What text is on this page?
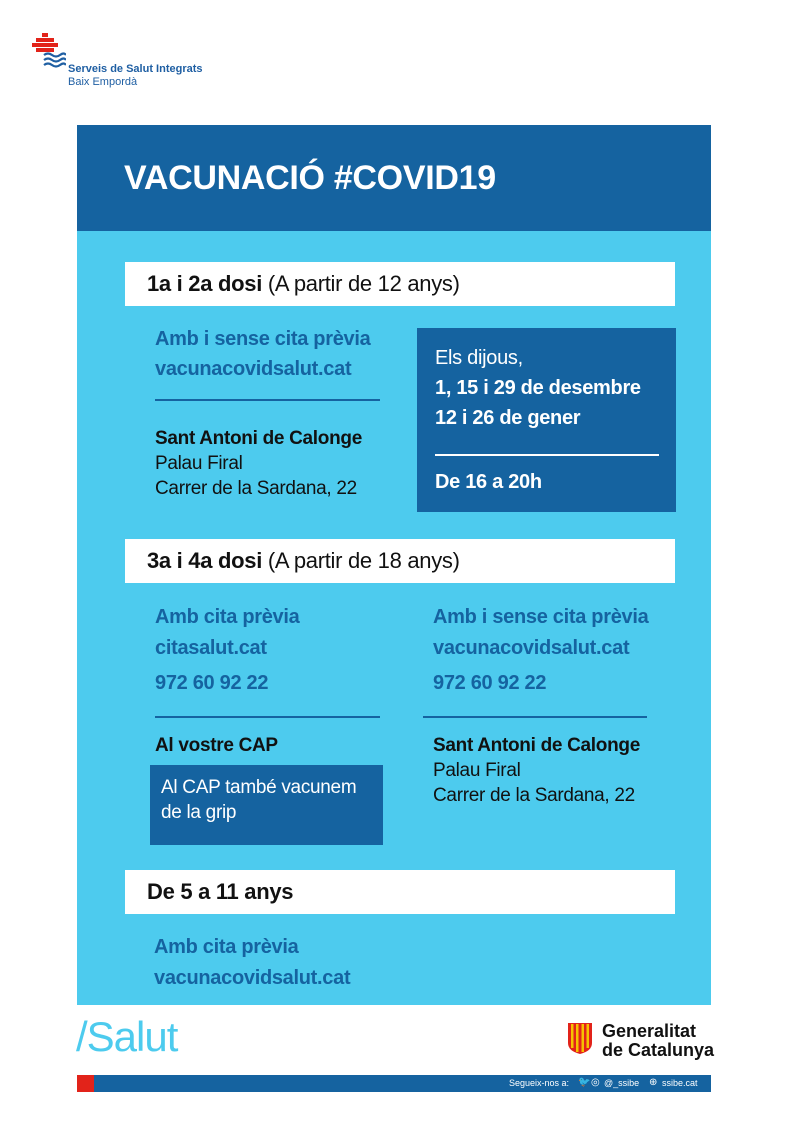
Serveis de Salut Integrats
Baix Empordà
VACUNACIÓ #COVID19
1a i 2a dosi (A partir de 12 anys)
Amb i sense cita prèvia
vacunacovidsalut.cat
Sant Antoni de Calonge
Palau Firal
Carrer de la Sardana, 22
Els dijous,
1, 15 i 29 de desembre
12 i 26 de gener
De 16 a 20h
3a i 4a dosi (A partir de 18 anys)
Amb cita prèvia
citasalut.cat
972 60 92 22
Al vostre CAP
Al CAP també vacunem
de la grip
Amb i sense cita prèvia
vacunacovidsalut.cat
972 60 92 22
Sant Antoni de Calonge
Palau Firal
Carrer de la Sardana, 22
De 5 a 11 anys
Amb cita prèvia
vacunacovidsalut.cat
/Salut	Generalitat
de Catalunya
Segueix-nos a: 🐦 ◎ @_ssibe ⊕ ssibe.cat
